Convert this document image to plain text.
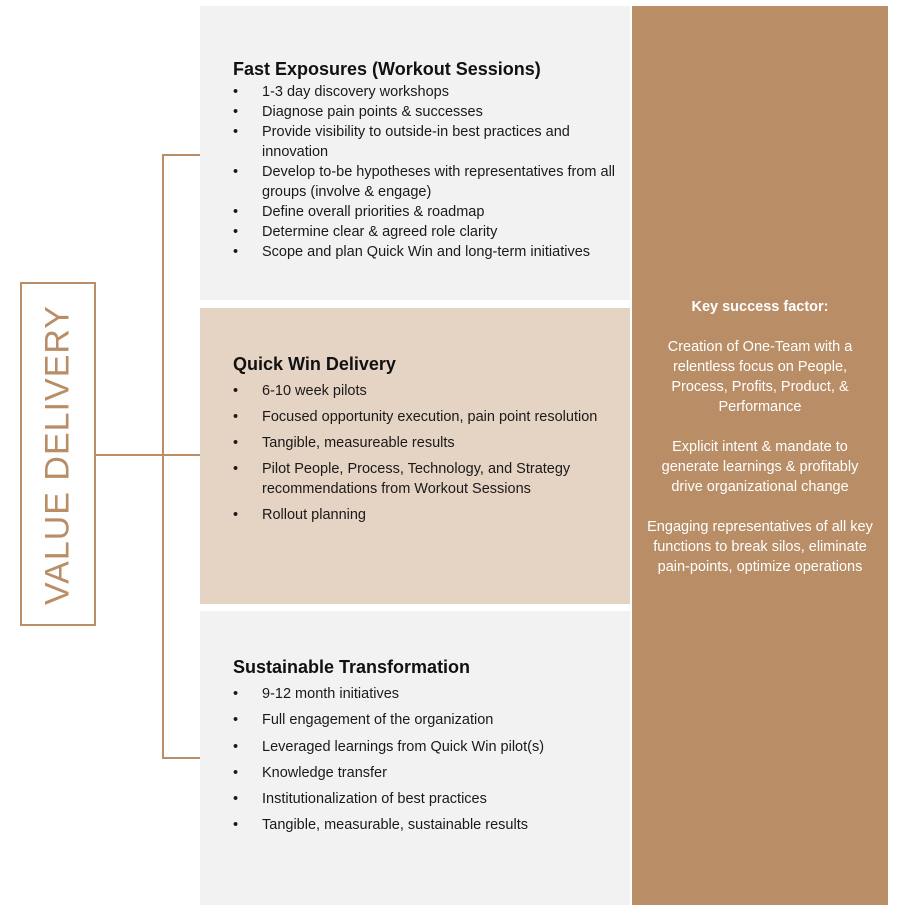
VALUE DELIVERY
Fast Exposures (Workout Sessions)
• 1-3 day discovery workshops
• Diagnose pain points & successes
• Provide visibility to outside-in best practices and innovation
• Develop to-be hypotheses with representatives from all groups (involve & engage)
• Define overall priorities & roadmap
• Determine clear & agreed role clarity
• Scope and plan Quick Win and long-term initiatives
Quick Win Delivery
• 6-10 week pilots
• Focused opportunity execution, pain point resolution
• Tangible, measureable results
• Pilot People, Process, Technology, and Strategy recommendations from Workout Sessions
• Rollout planning
Sustainable Transformation
• 9-12 month initiatives
• Full engagement of the organization
• Leveraged learnings from Quick Win pilot(s)
• Knowledge transfer
• Institutionalization of best practices
• Tangible, measurable, sustainable results
Key success factor:

Creation of One-Team with a relentless focus on People, Process, Profits, Product, & Performance

Explicit intent & mandate to generate learnings & profitably drive organizational change

Engaging representatives of all key functions to break silos, eliminate pain-points, optimize operations
